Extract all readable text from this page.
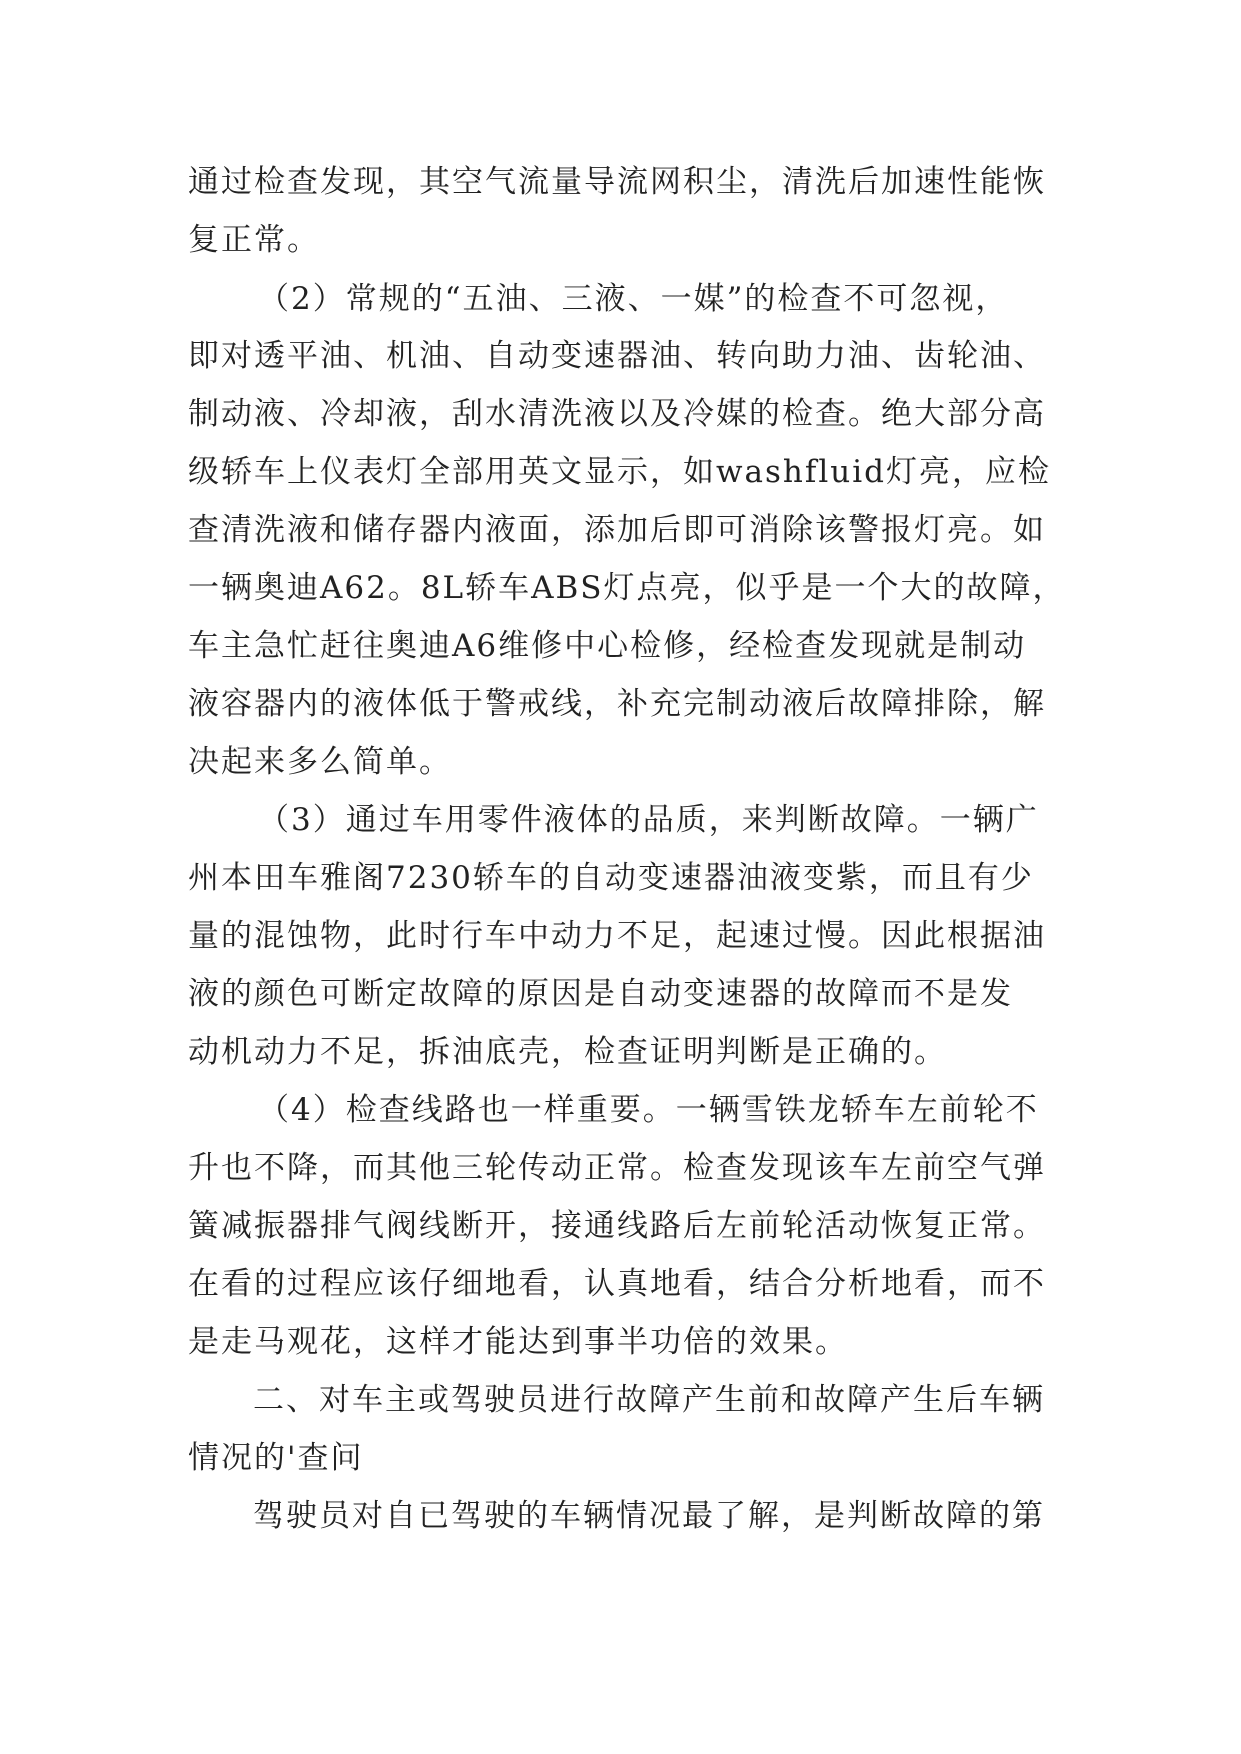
通过检查发现，其空气流量导流网积尘，清洗后加速性能恢
复正常。
（2）常规的“五油、三液、一媒”的检查不可忽视，
即对透平油、机油、自动变速器油、转向助力油、齿轮油、
制动液、冷却液，刮水清洗液以及冷媒的检查。绝大部分高
级轿车上仪表灯全部用英文显示，如washfluid灯亮，应检
查清洗液和储存器内液面，添加后即可消除该警报灯亮。如
一辆奥迪A62。8L轿车ABS灯点亮，似乎是一个大的故障，
车主急忙赶往奥迪A6维修中心检修，经检查发现就是制动
液容器内的液体低于警戒线，补充完制动液后故障排除，解
决起来多么简单。
（3）通过车用零件液体的品质，来判断故障。一辆广
州本田车雅阁7230轿车的自动变速器油液变紫，而且有少
量的混蚀物，此时行车中动力不足，起速过慢。因此根据油
液的颜色可断定故障的原因是自动变速器的故障而不是发
动机动力不足，拆油底壳，检查证明判断是正确的。
（4）检查线路也一样重要。一辆雪铁龙轿车左前轮不
升也不降，而其他三轮传动正常。检查发现该车左前空气弹
簧减振器排气阀线断开，接通线路后左前轮活动恢复正常。
在看的过程应该仔细地看，认真地看，结合分析地看，而不
是走马观花，这样才能达到事半功倍的效果。
二、对车主或驾驶员进行故障产生前和故障产生后车辆
情况的'查问
驾驶员对自已驾驶的车辆情况最了解，是判断故障的第
